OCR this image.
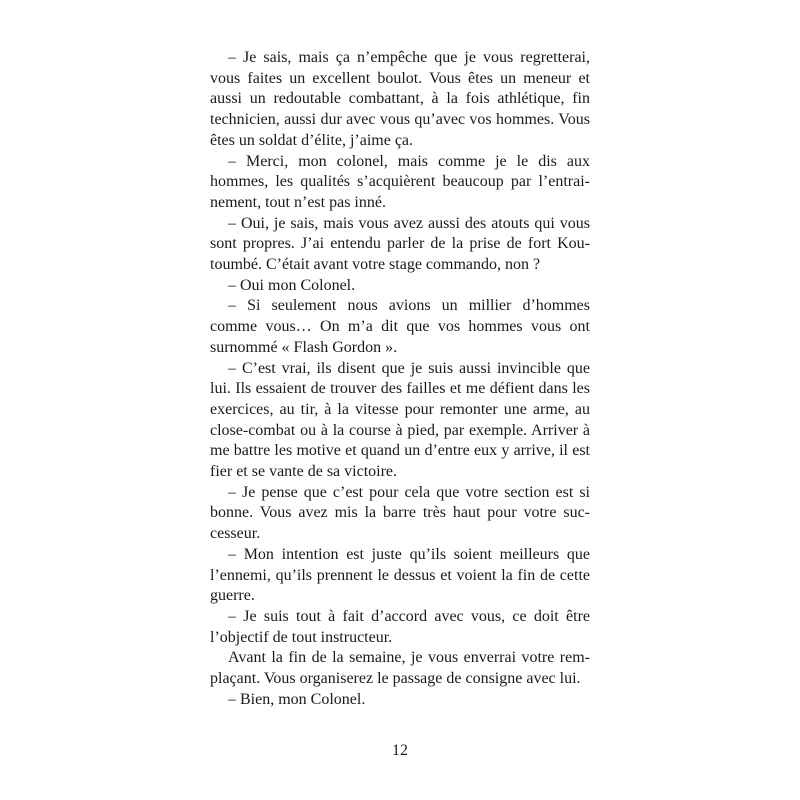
– Je sais, mais ça n’empêche que je vous regretterai, vous faites un excellent boulot. Vous êtes un meneur et aussi un redoutable combattant, à la fois athlétique, fin technicien, aussi dur avec vous qu’avec vos hommes. Vous êtes un soldat d’élite, j’aime ça.

– Merci, mon colonel, mais comme je le dis aux hommes, les qualités s’acquièrent beaucoup par l’entrainement, tout n’est pas inné.

– Oui, je sais, mais vous avez aussi des atouts qui vous sont propres. J’ai entendu parler de la prise de fort Koutoumbé. C’était avant votre stage commando, non ?

– Oui mon Colonel.

– Si seulement nous avions un millier d’hommes comme vous… On m’a dit que vos hommes vous ont surnommé « Flash Gordon ».

– C’est vrai, ils disent que je suis aussi invincible que lui. Ils essaient de trouver des failles et me défient dans les exercices, au tir, à la vitesse pour remonter une arme, au close-combat ou à la course à pied, par exemple. Arriver à me battre les motive et quand un d’entre eux y arrive, il est fier et se vante de sa victoire.

– Je pense que c’est pour cela que votre section est si bonne. Vous avez mis la barre très haut pour votre successeur.

– Mon intention est juste qu’ils soient meilleurs que l’ennemi, qu’ils prennent le dessus et voient la fin de cette guerre.

– Je suis tout à fait d’accord avec vous, ce doit être l’objectif de tout instructeur.

Avant la fin de la semaine, je vous enverrai votre remplaçant. Vous organiserez le passage de consigne avec lui.

– Bien, mon Colonel.

12
